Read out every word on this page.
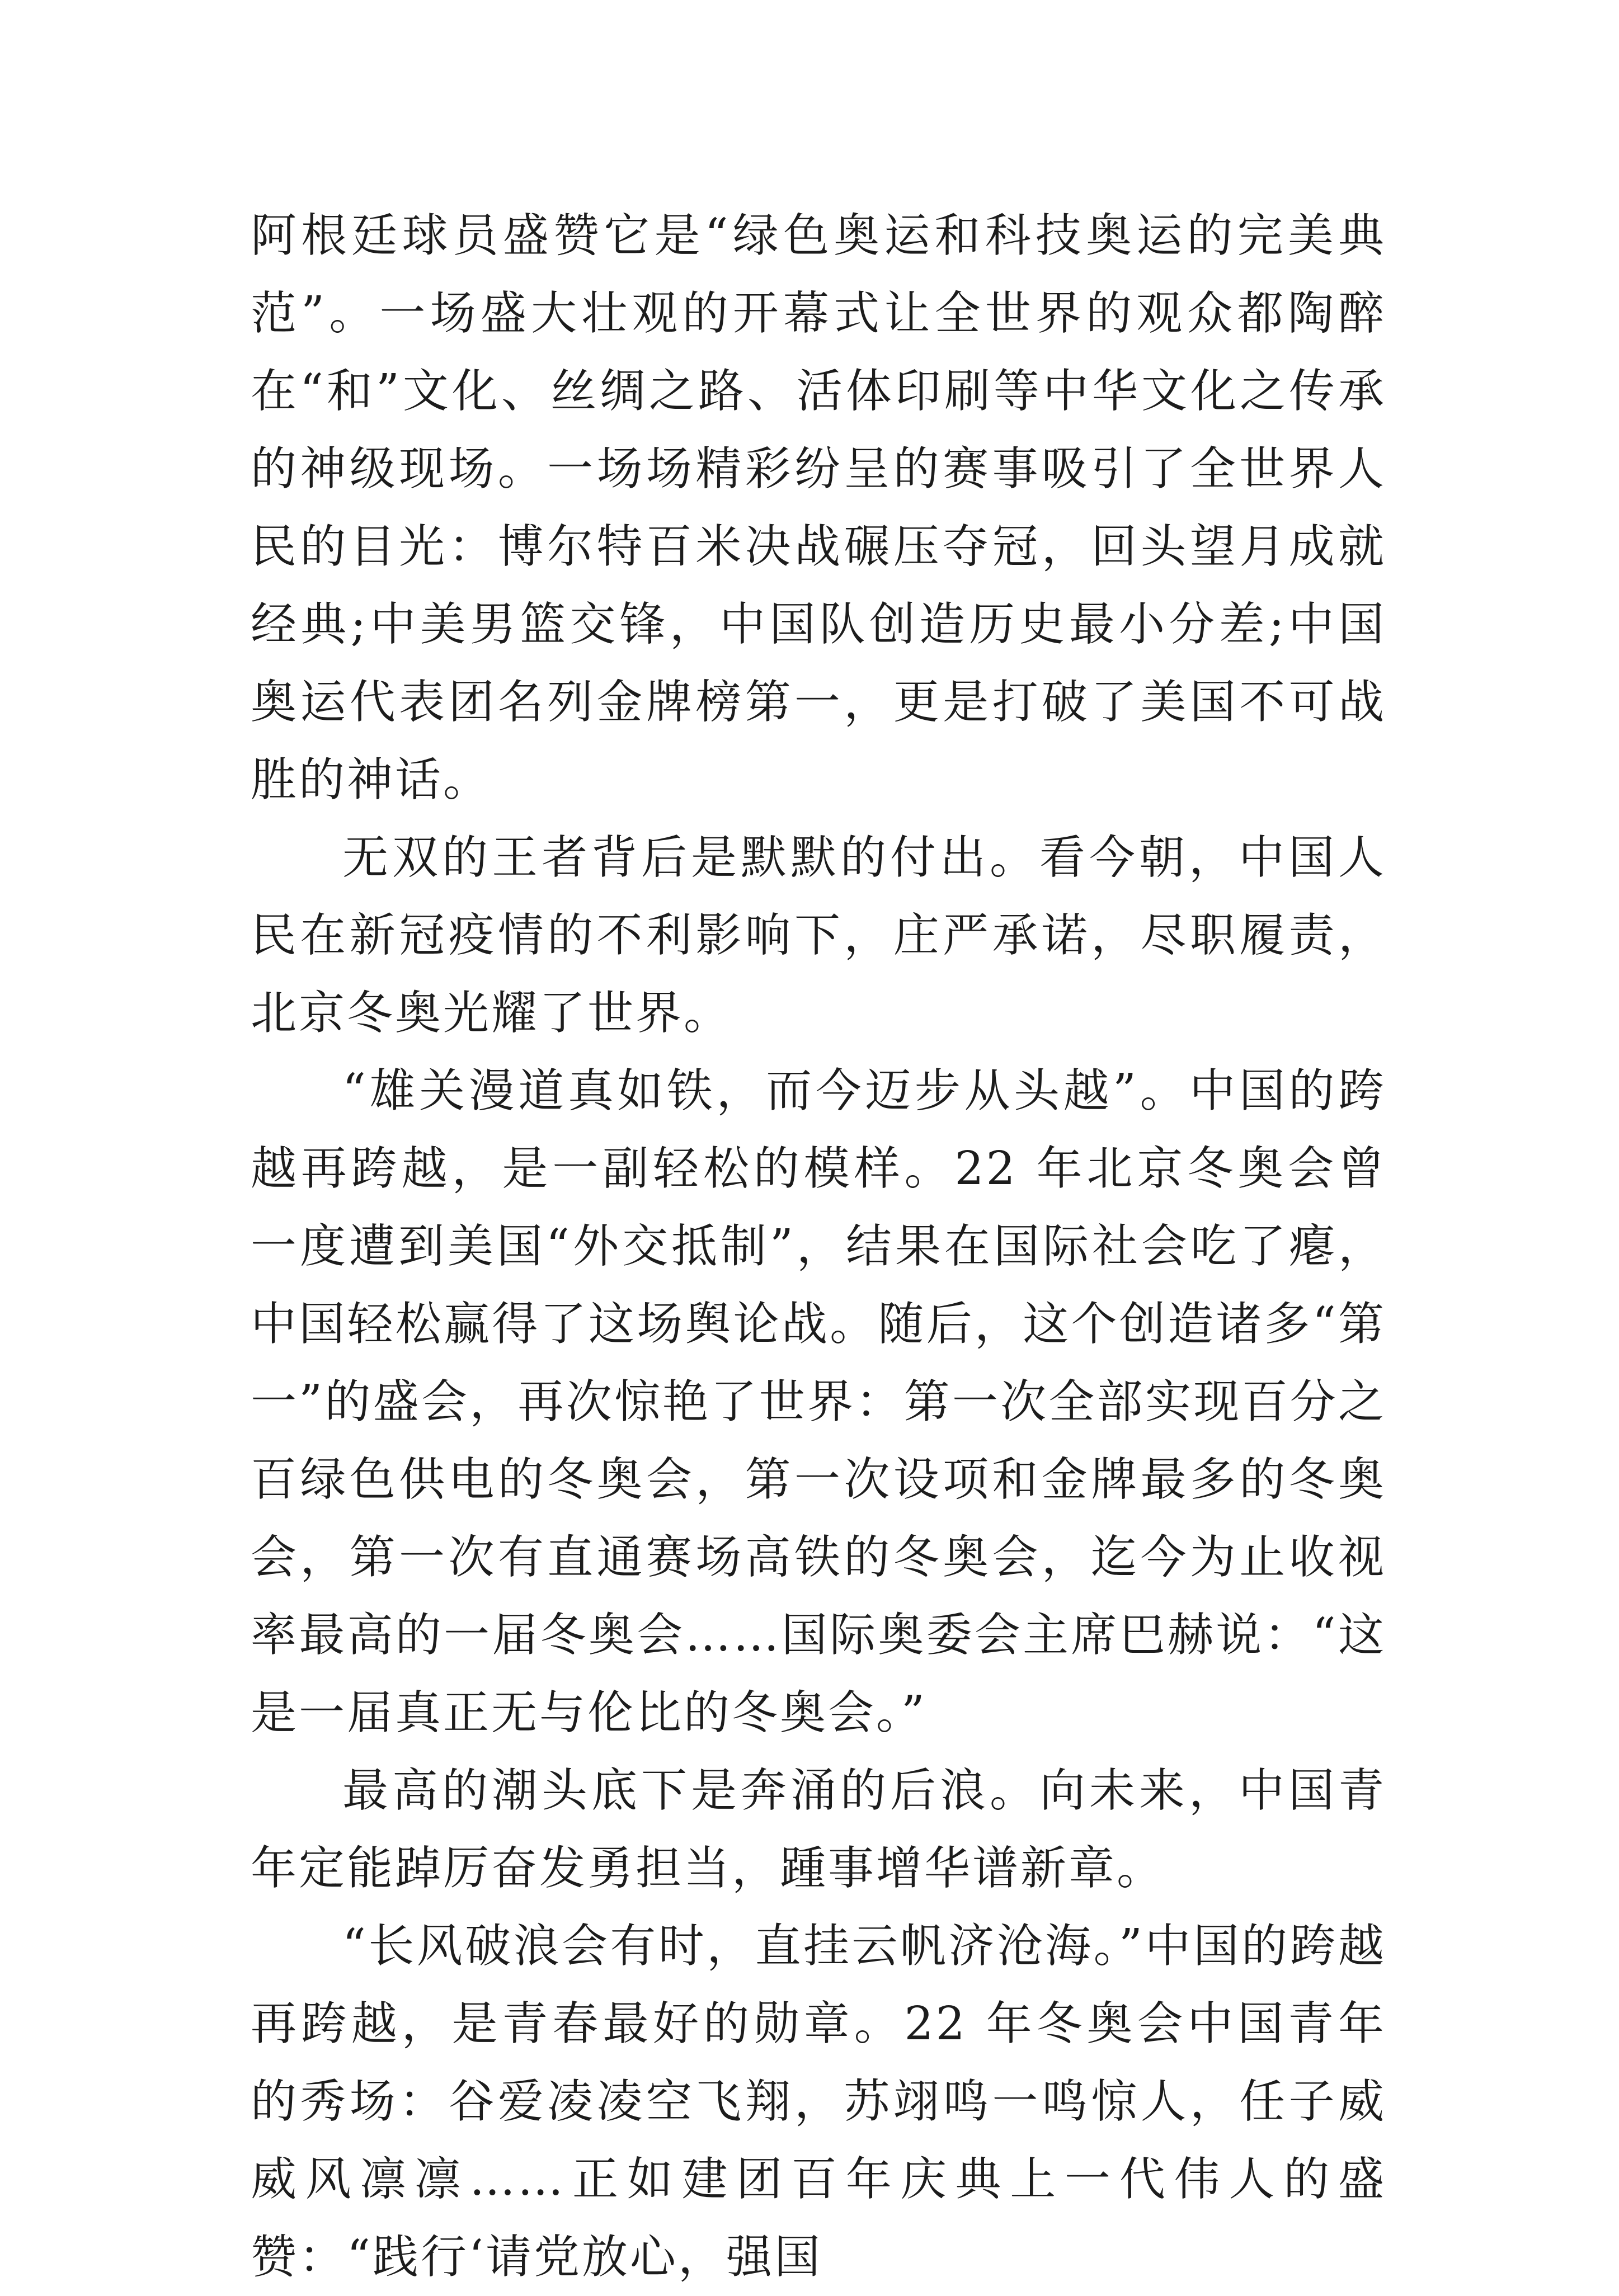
阿根廷球员盛赞它是“绿色奥运和科技奥运的完美典范”。一场盛大壮观的开幕式让全世界的观众都陶醉在“和”文化、丝绸之路、活体印刷等中华文化之传承的神级现场。一场场精彩纷呈的赛事吸引了全世界人民的目光：博尔特百米决战碾压夺冠，回头望月成就经典;中美男篮交锋，中国队创造历史最小分差;中国奥运代表团名列金牌榜第一，更是打破了美国不可战胜的神话。

无双的王者背后是默默的付出。看今朝，中国人民在新冠疫情的不利影响下，庄严承诺，尽职履责，北京冬奥光耀了世界。

“雄关漫道真如铁，而今迈步从头越”。中国的跨越再跨越，是一副轻松的模样。22 年北京冬奥会曾一度遭到美国“外交抵制”，结果在国际社会吃了瘪，中国轻松赢得了这场舆论战。随后，这个创造诸多“第一”的盛会，再次惊艳了世界：第一次全部实现百分之百绿色供电的冬奥会，第一次设项和金牌最多的冬奥会，第一次有直通赛场高铁的冬奥会，迄今为止收视率最高的一届冬奥会……国际奥委会主席巴赫说：“这是一届真正无与伦比的冬奥会。”

最高的潮头底下是奔涌的后浪。向未来，中国青年定能踔厉奋发勇担当，踵事增华谱新章。

“长风破浪会有时，直挂云帆济沧海。”中国的跨越再跨越，是青春最好的勋章。22 年冬奥会中国青年的秀场：谷爱凌凌空飞翔，苏翊鸣一鸣惊人，任子威威风凛凛……正如建团百年庆典上一代伟人的盛赞：“践行‘请党放心，强国
